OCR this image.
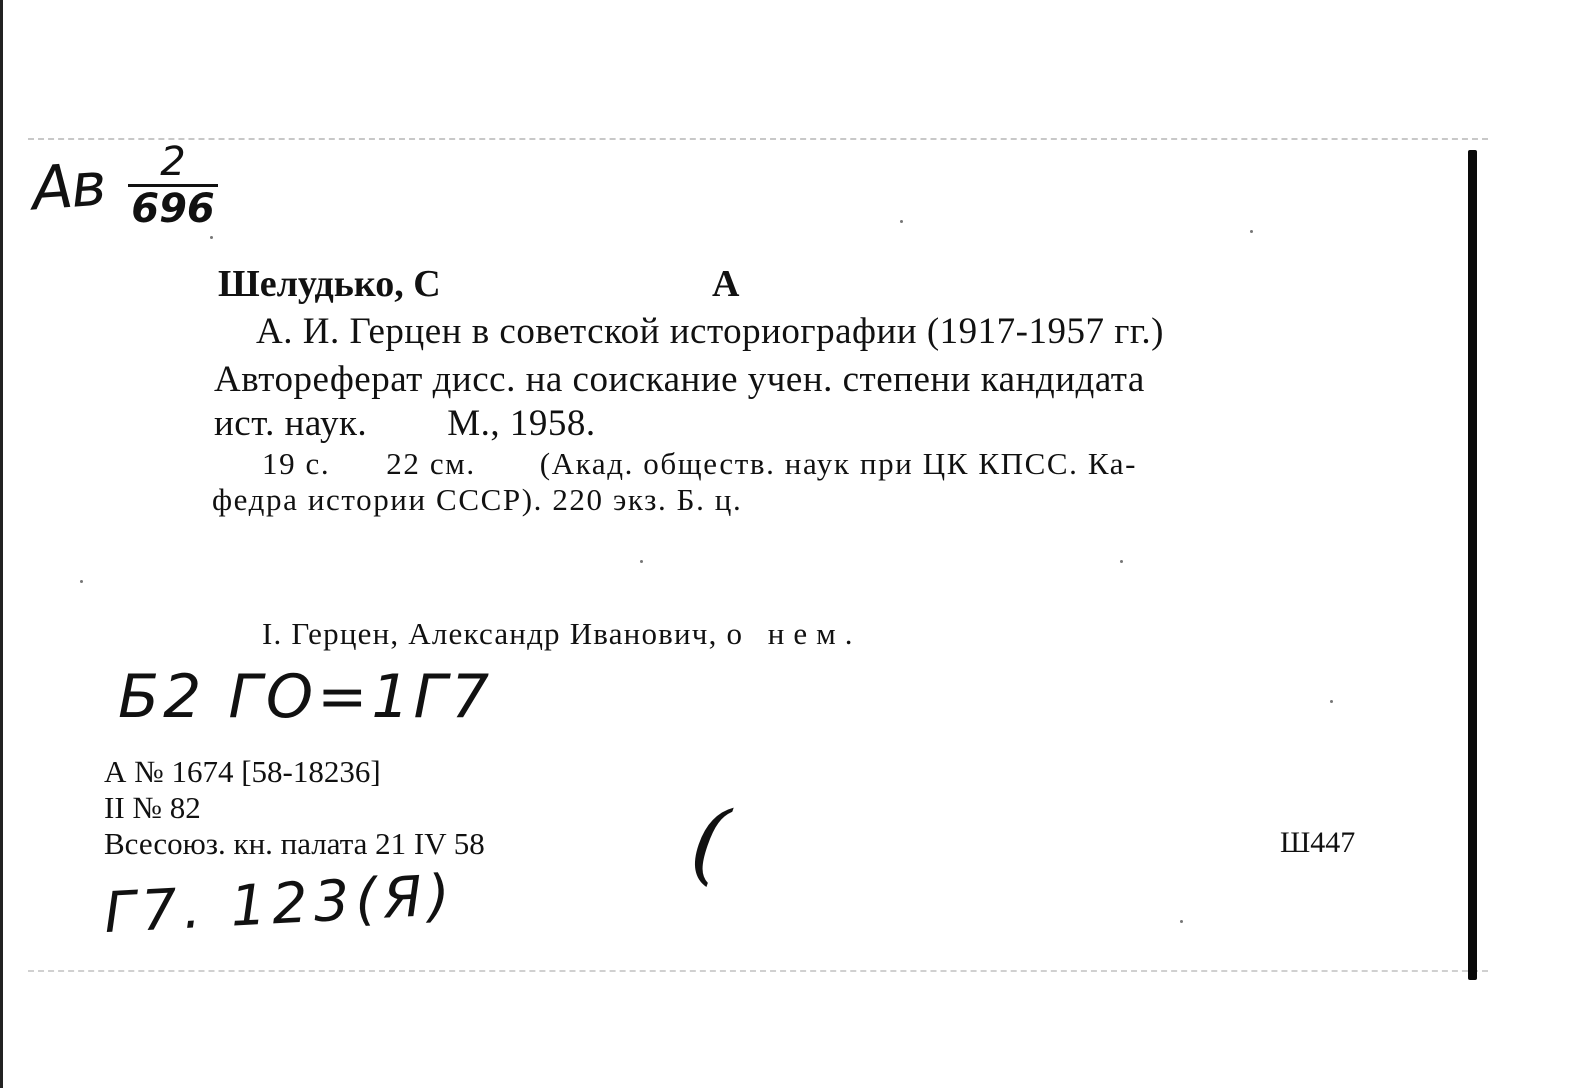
Ав $\frac{2}{696}$
Шелудько, С	А
А. И. Герцен в советской историографии (1917-1957 гг.)
Автореферат дисс. на соискание учен. степени кандидата
ист. наук. М., 1958.
19 с. 22 см. (Акад. обществ. наук при ЦК КПСС. Ка-
федра истории СССР). 220 экз. Б. ц.
I. Герцен, Александр Иванович, о нем.
Б2 ГО=1Г7
А № 1674 [58-18236]
II № 82
Всесоюз. кн. палата 21 IV 58 (	Ш447
Г7. 123(Я)
